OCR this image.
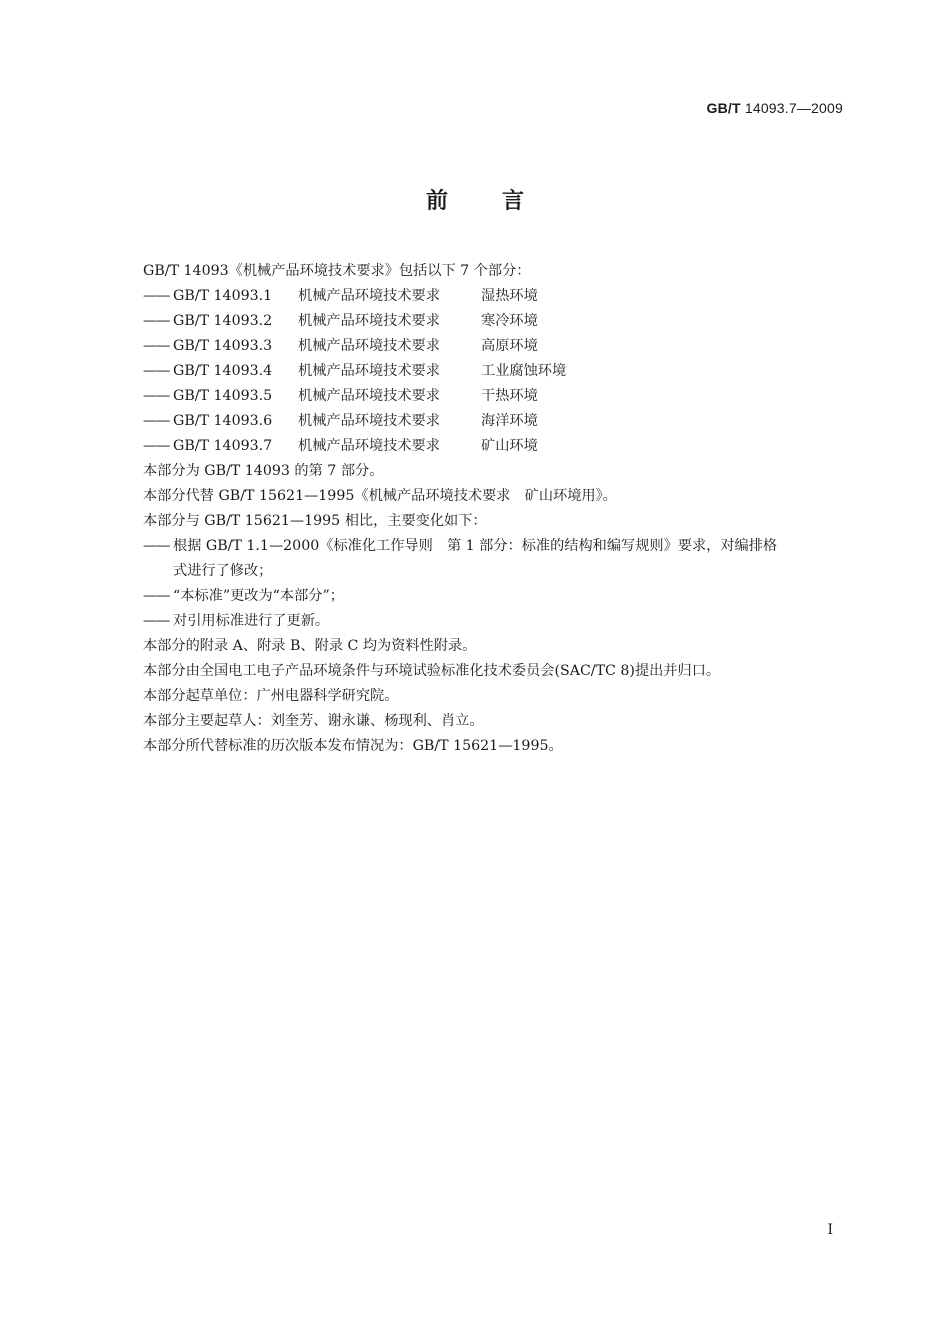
GB/T 14093.7—2009
前言
GB/T 14093《机械产品环境技术要求》包括以下 7 个部分：
—— GB/T 14093.1 机械产品环境技术要求	湿热环境
—— GB/T 14093.2 机械产品环境技术要求	寒冷环境
—— GB/T 14093.3 机械产品环境技术要求	高原环境
—— GB/T 14093.4 机械产品环境技术要求	工业腐蚀环境
—— GB/T 14093.5 机械产品环境技术要求	干热环境
—— GB/T 14093.6 机械产品环境技术要求	海洋环境
—— GB/T 14093.7 机械产品环境技术要求	矿山环境
本部分为 GB/T 14093 的第 7 部分。
本部分代替 GB/T 15621—1995《机械产品环境技术要求　矿山环境用》。
本部分与 GB/T 15621—1995 相比，主要变化如下：
—— 根据 GB/T 1.1—2000《标准化工作导则　第 1 部分：标准的结构和编写规则》要求，对编排格
式进行了修改；
—— “本标准”更改为“本部分”；
—— 对引用标准进行了更新。
本部分的附录 A、附录 B、附录 C 均为资料性附录。
本部分由全国电工电子产品环境条件与环境试验标准化技术委员会(SAC/TC 8)提出并归口。
本部分起草单位：广州电器科学研究院。
本部分主要起草人：刘奎芳、谢永谦、杨现利、肖立。
本部分所代替标准的历次版本发布情况为：GB/T 15621—1995。
I
